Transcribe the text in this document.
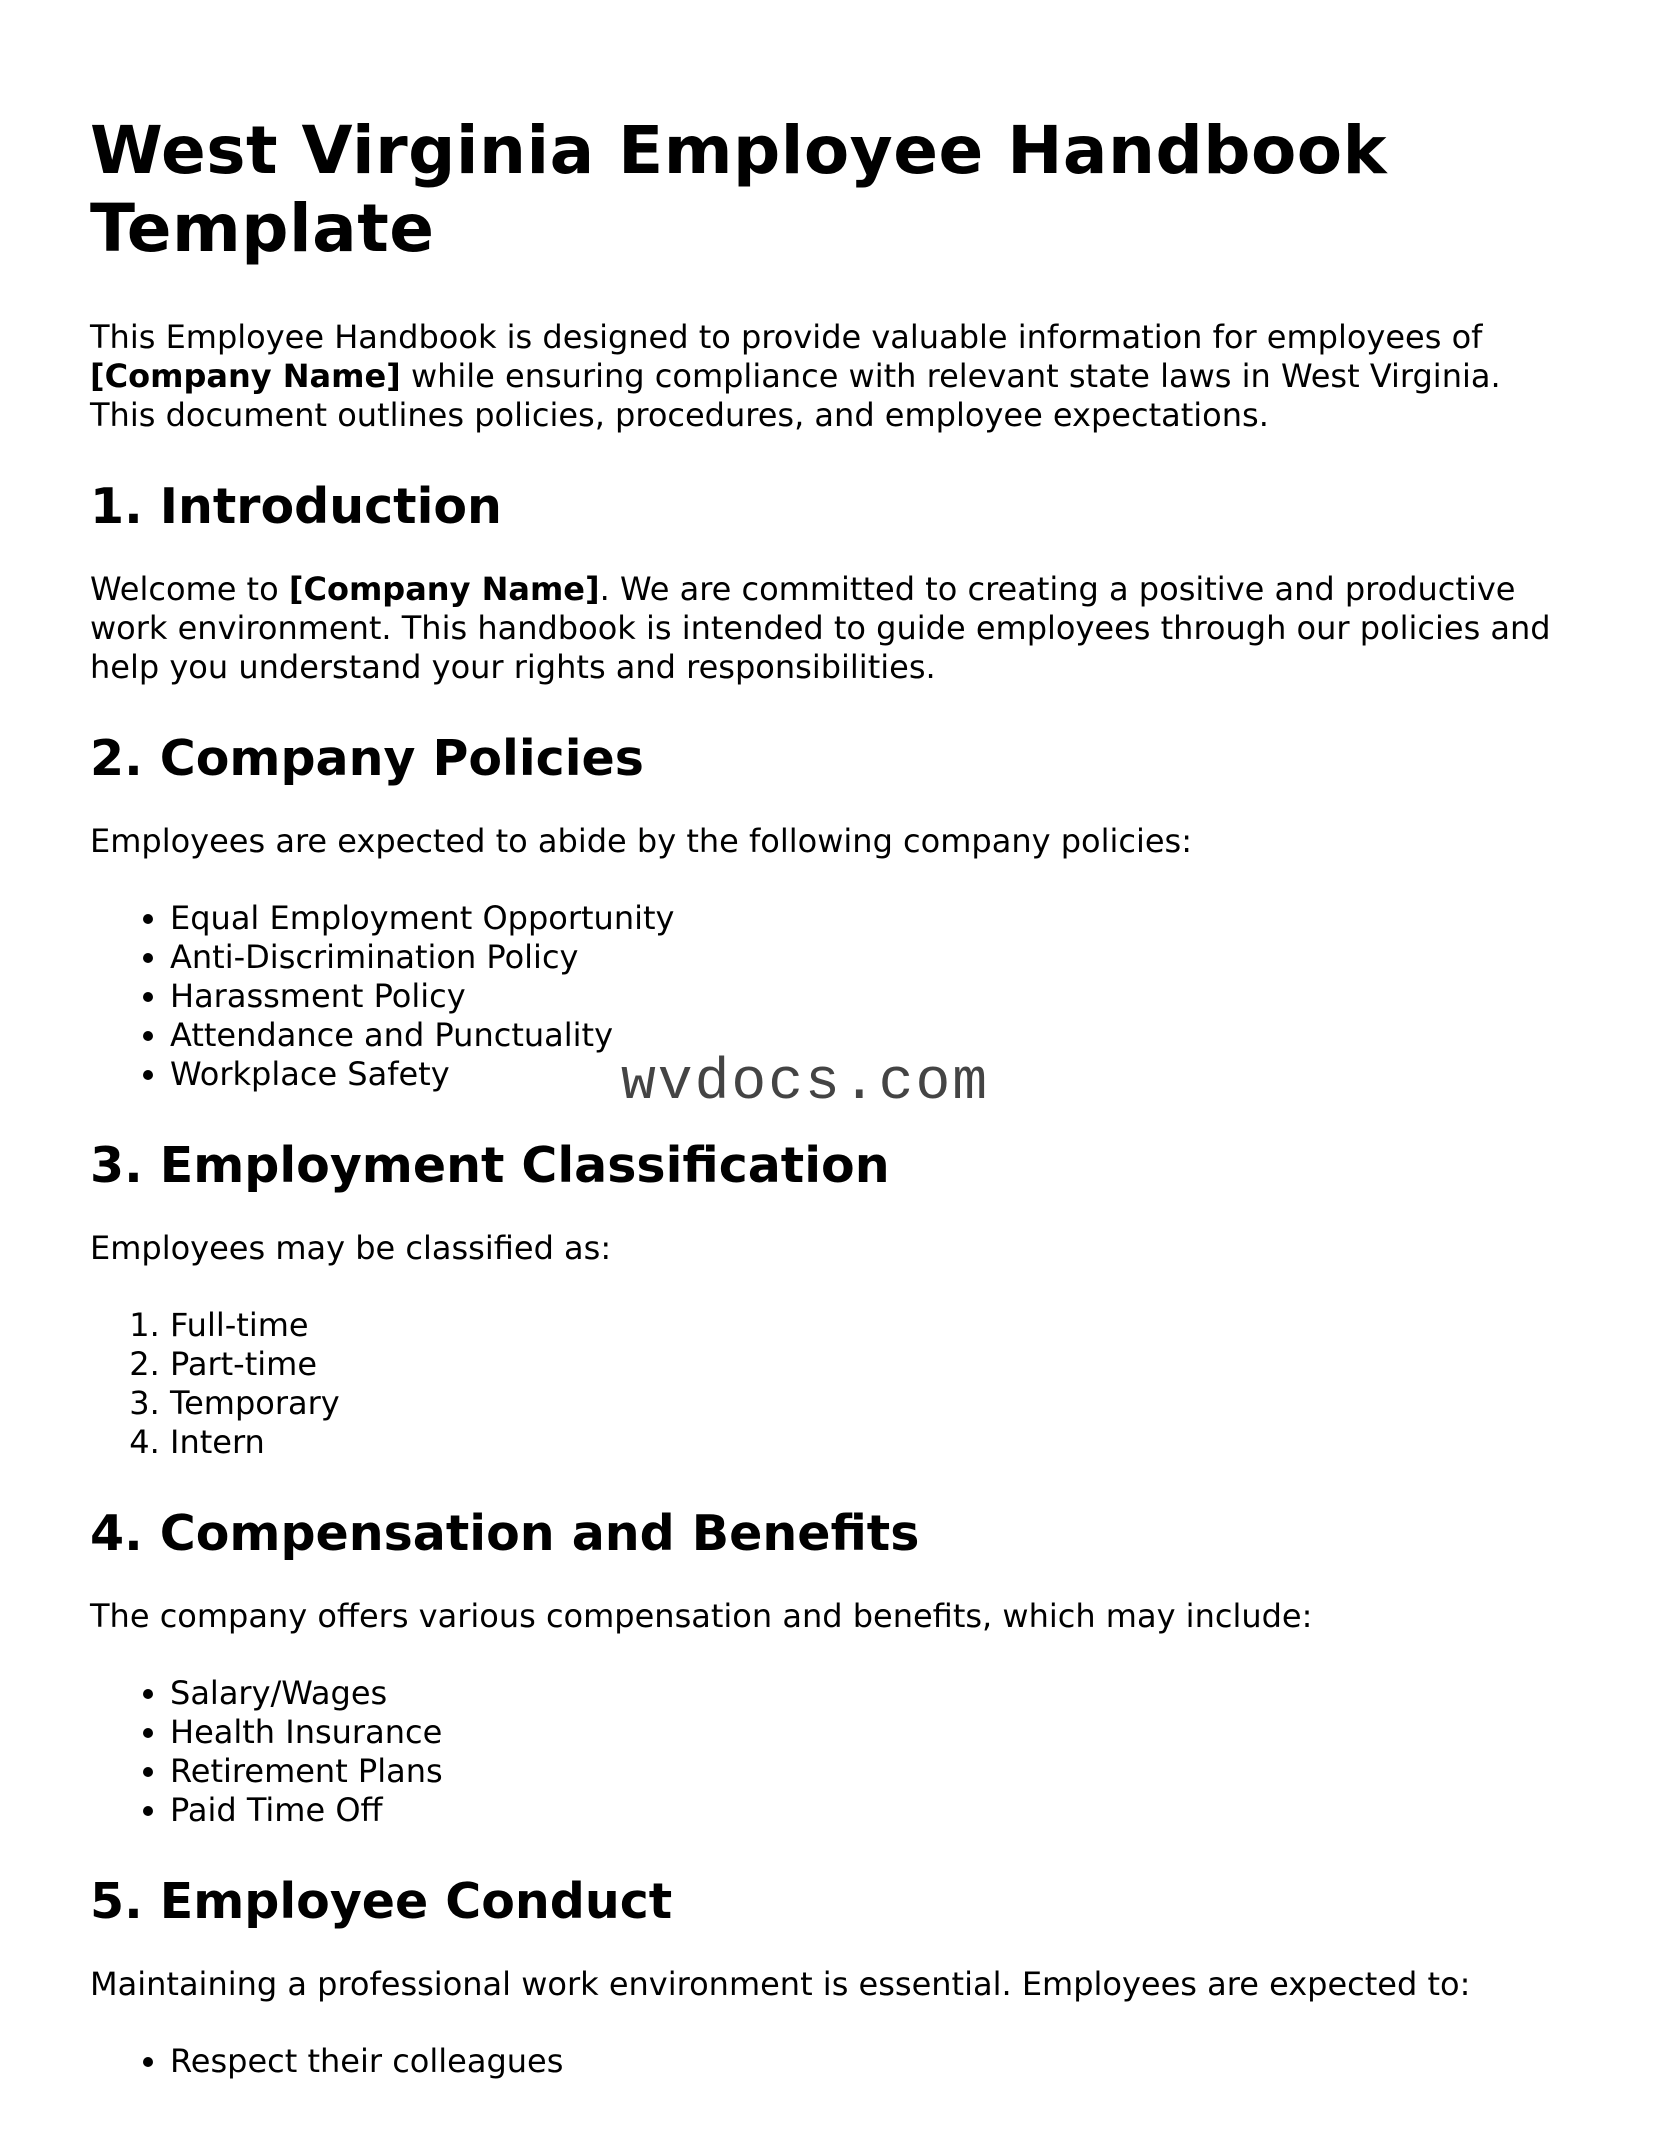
West Virginia Employee Handbook Template

This Employee Handbook is designed to provide valuable information for employees of [Company Name] while ensuring compliance with relevant state laws in West Virginia. This document outlines policies, procedures, and employee expectations.

1. Introduction

Welcome to [Company Name]. We are committed to creating a positive and productive work environment. This handbook is intended to guide employees through our policies and help you understand your rights and responsibilities.

2. Company Policies

Employees are expected to abide by the following company policies:

• Equal Employment Opportunity
• Anti-Discrimination Policy
• Harassment Policy
• Attendance and Punctuality
• Workplace Safety
3. Employment Classification

Employees may be classified as:

1. Full-time
2. Part-time
3. Temporary
4. Intern
4. Compensation and Benefits

The company offers various compensation and benefits, which may include:

• Salary/Wages
• Health Insurance
• Retirement Plans
• Paid Time Off
5. Employee Conduct

Maintaining a professional work environment is essential. Employees are expected to:

• Respect their colleagues
wvdocs.com
